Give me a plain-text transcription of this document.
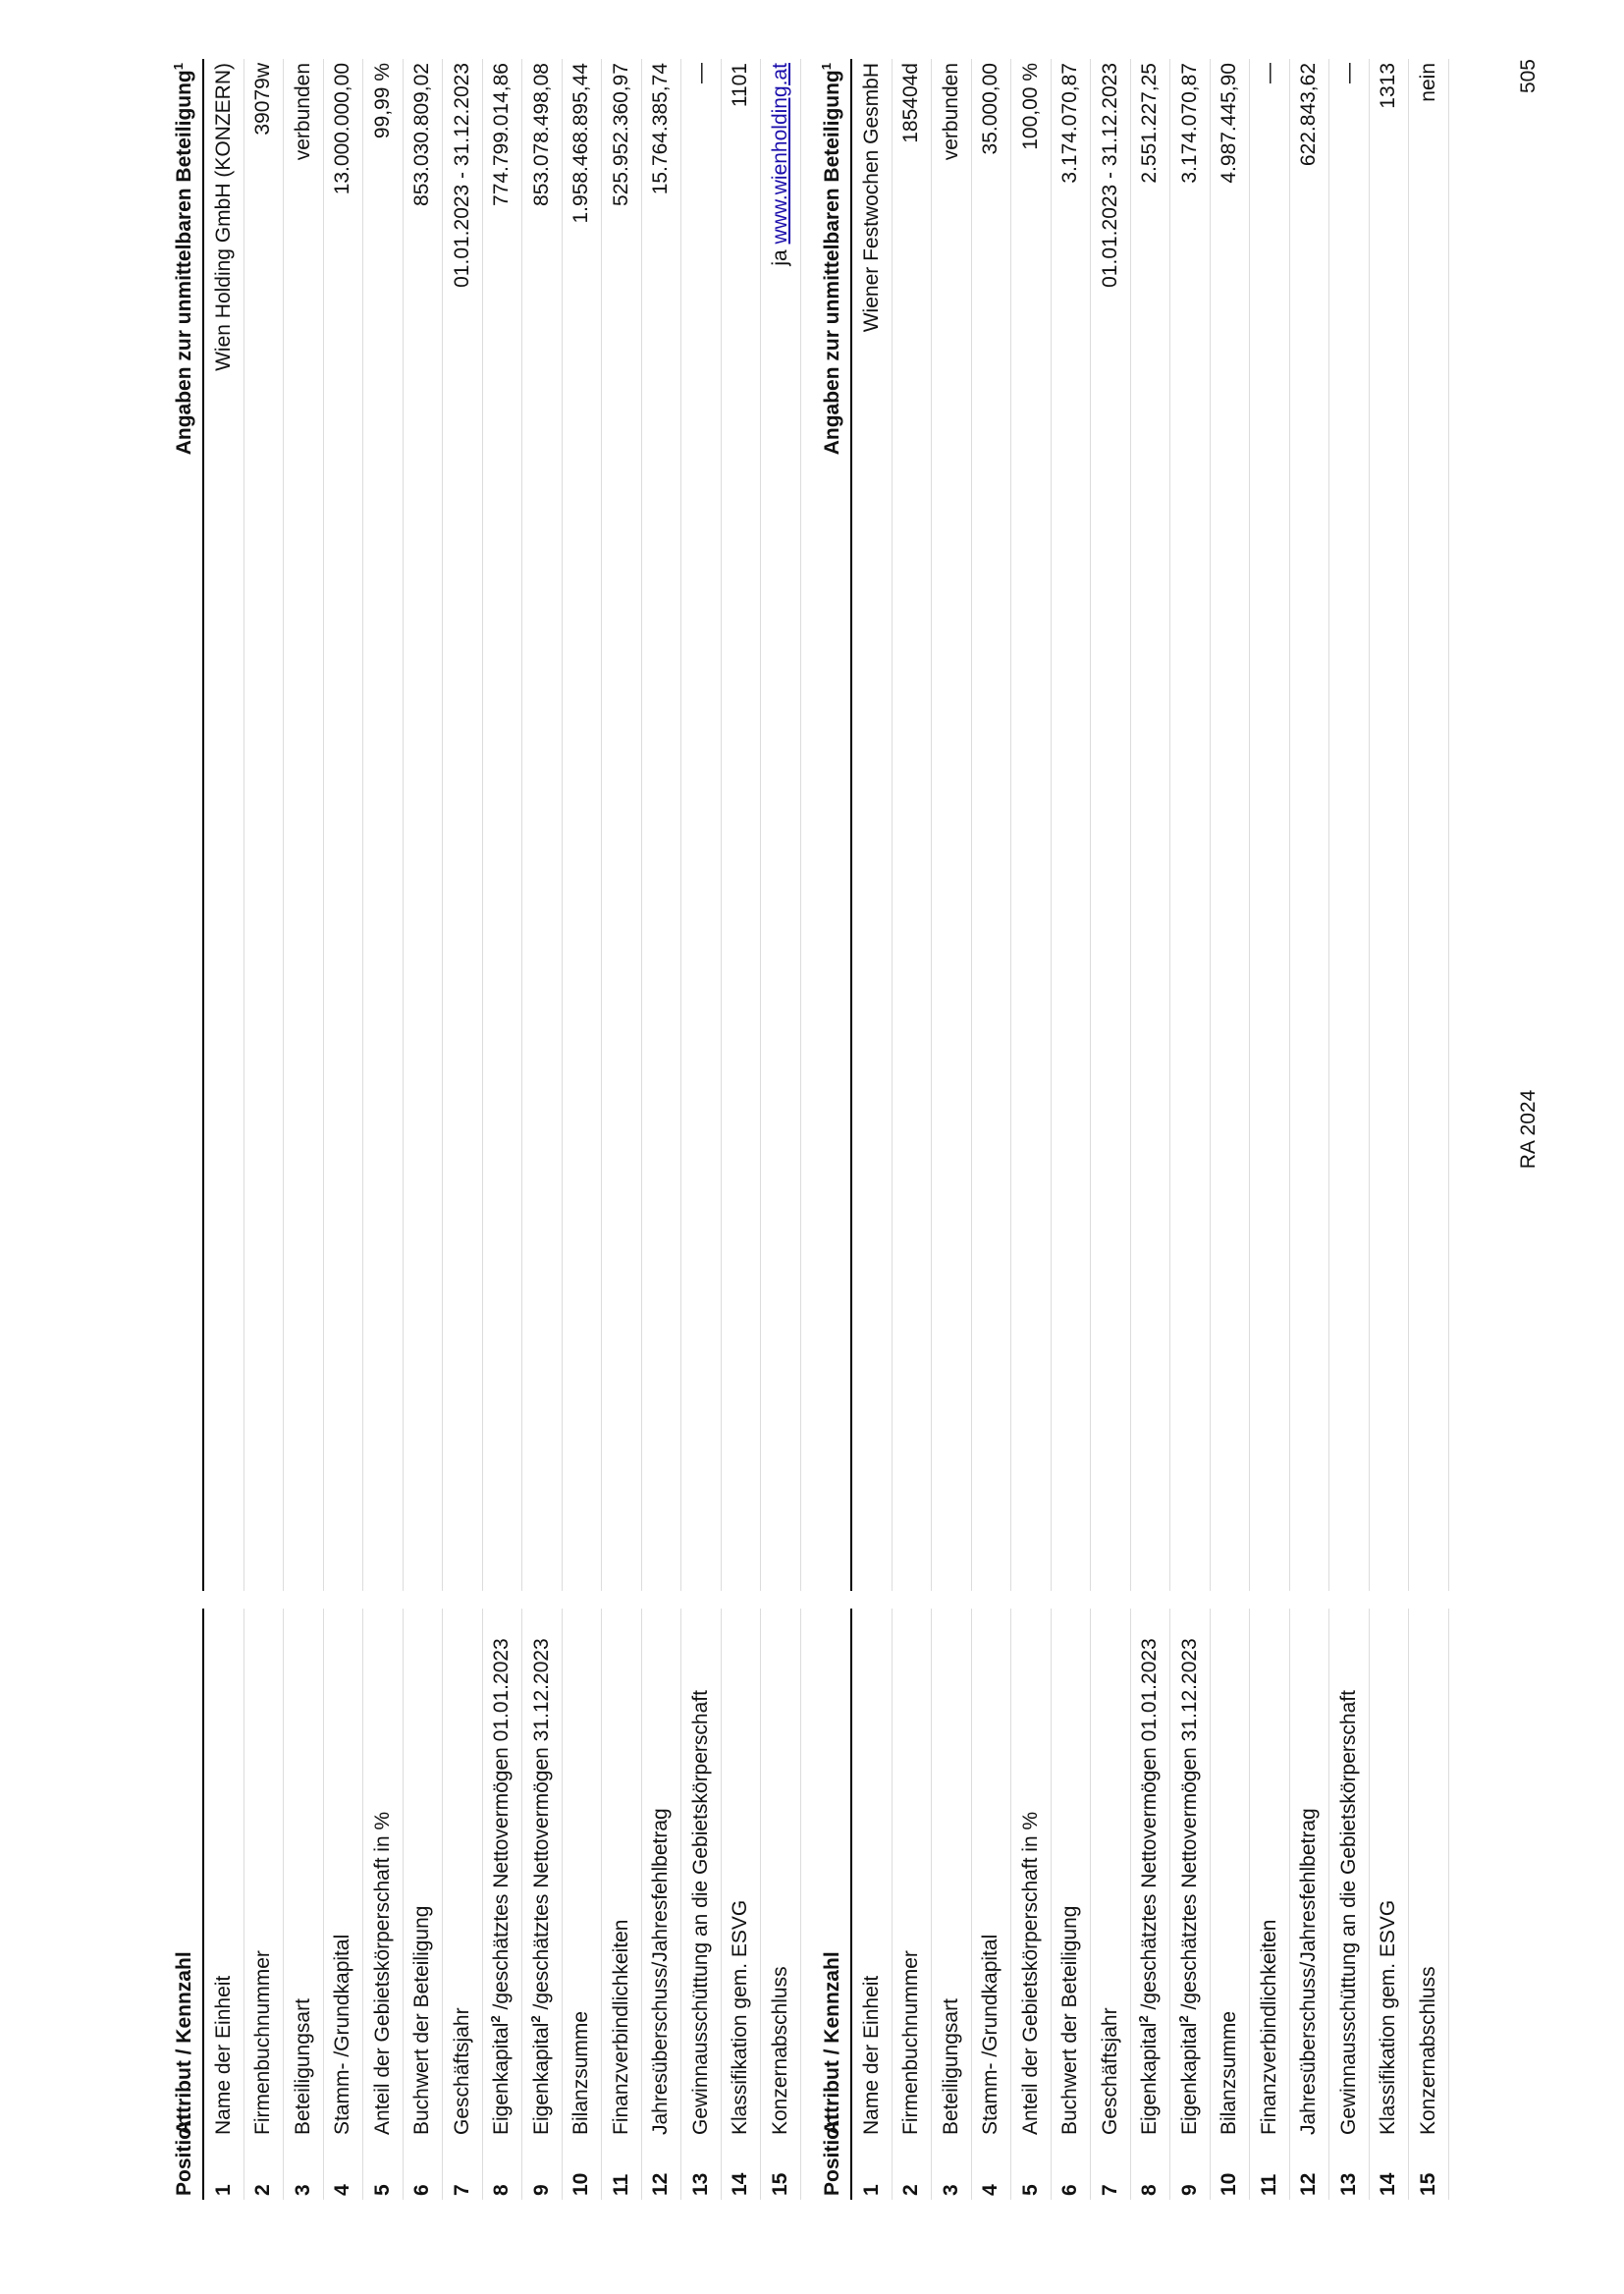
Position	Attribut / Kennzahl		Angaben zur unmittelbaren Beteiligung$^1$
1	Name der Einheit		Wien Holding GmbH (KONZERN)
2	Firmenbuchnummer		39079w
3	Beteiligungsart		verbunden
4	Stamm- /Grundkapital		13.000.000,00
5	Anteil der Gebietskörperschaft in %		99,99 %
6	Buchwert der Beteiligung		853.030.809,02
7	Geschäftsjahr		01.01.2023 - 31.12.2023
8	Eigenkapital$^2$ /geschätztes Nettovermögen 01.01.2023		774.799.014,86
9	Eigenkapital$^2$ /geschätztes Nettovermögen 31.12.2023		853.078.498,08
10	Bilanzsumme		1.958.468.895,44
11	Finanzverbindlichkeiten		525.952.360,97
12	Jahresüberschuss/Jahresfehlbetrag		15.764.385,74
13	Gewinnausschüttung an die Gebietskörperschaft		—
14	Klassifikation gem. ESVG		1101
15	Konzernabschluss		ja www.wienholding.at
Position	Attribut / Kennzahl		Angaben zur unmittelbaren Beteiligung$^1$
1	Name der Einheit		Wiener Festwochen GesmbH
2	Firmenbuchnummer		185404d
3	Beteiligungsart		verbunden
4	Stamm- /Grundkapital		35.000,00
5	Anteil der Gebietskörperschaft in %		100,00 %
6	Buchwert der Beteiligung		3.174.070,87
7	Geschäftsjahr		01.01.2023 - 31.12.2023
8	Eigenkapital$^2$ /geschätztes Nettovermögen 01.01.2023		2.551.227,25
9	Eigenkapital$^2$ /geschätztes Nettovermögen 31.12.2023		3.174.070,87
10	Bilanzsumme		4.987.445,90
11	Finanzverbindlichkeiten		—
12	Jahresüberschuss/Jahresfehlbetrag		622.843,62
13	Gewinnausschüttung an die Gebietskörperschaft		—
14	Klassifikation gem. ESVG		1313
15	Konzernabschluss		nein
RA 2024
505
